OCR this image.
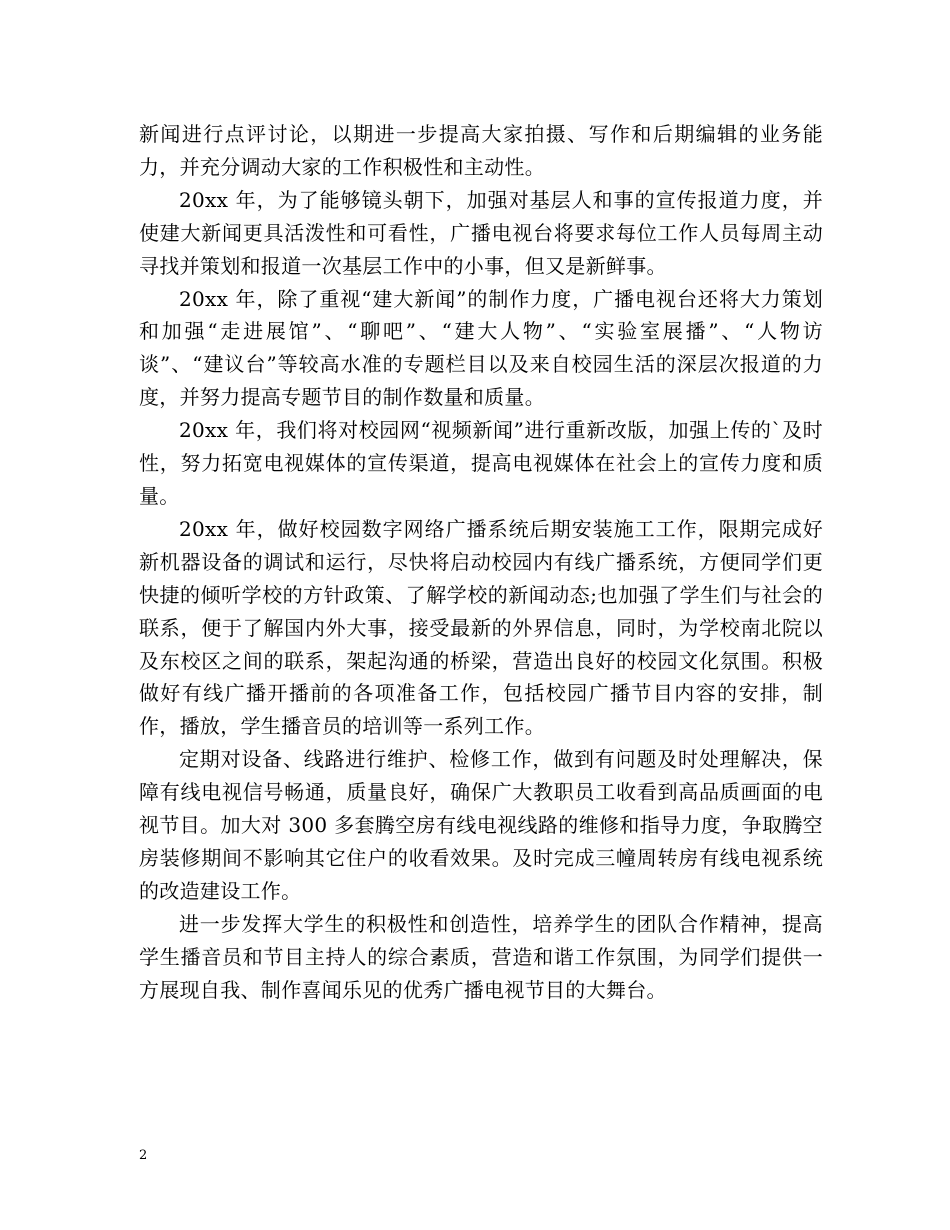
新闻进行点评讨论，以期进一步提高大家拍摄、写作和后期编辑的业务能力，并充分调动大家的工作积极性和主动性。

20xx 年，为了能够镜头朝下，加强对基层人和事的宣传报道力度，并使建大新闻更具活泼性和可看性，广播电视台将要求每位工作人员每周主动寻找并策划和报道一次基层工作中的小事，但又是新鲜事。

20xx 年，除了重视“建大新闻”的制作力度，广播电视台还将大力策划和加强“走进展馆”、“聊吧”、“建大人物”、“实验室展播”、“人物访谈”、“建议台”等较高水准的专题栏目以及来自校园生活的深层次报道的力度，并努力提高专题节目的制作数量和质量。

20xx 年，我们将对校园网“视频新闻”进行重新改版，加强上传的`及时性，努力拓宽电视媒体的宣传渠道，提高电视媒体在社会上的宣传力度和质量。

20xx 年，做好校园数字网络广播系统后期安装施工工作，限期完成好新机器设备的调试和运行，尽快将启动校园内有线广播系统，方便同学们更快捷的倾听学校的方针政策、了解学校的新闻动态;也加强了学生们与社会的联系，便于了解国内外大事，接受最新的外界信息，同时，为学校南北院以及东校区之间的联系，架起沟通的桥梁，营造出良好的校园文化氛围。积极做好有线广播开播前的各项准备工作，包括校园广播节目内容的安排，制作，播放，学生播音员的培训等一系列工作。

定期对设备、线路进行维护、检修工作，做到有问题及时处理解决，保障有线电视信号畅通，质量良好，确保广大教职员工收看到高品质画面的电视节目。加大对 300 多套腾空房有线电视线路的维修和指导力度，争取腾空房装修期间不影响其它住户的收看效果。及时完成三幢周转房有线电视系统的改造建设工作。

进一步发挥大学生的积极性和创造性，培养学生的团队合作精神，提高学生播音员和节目主持人的综合素质，营造和谐工作氛围，为同学们提供一方展现自我、制作喜闻乐见的优秀广播电视节目的大舞台。

2
